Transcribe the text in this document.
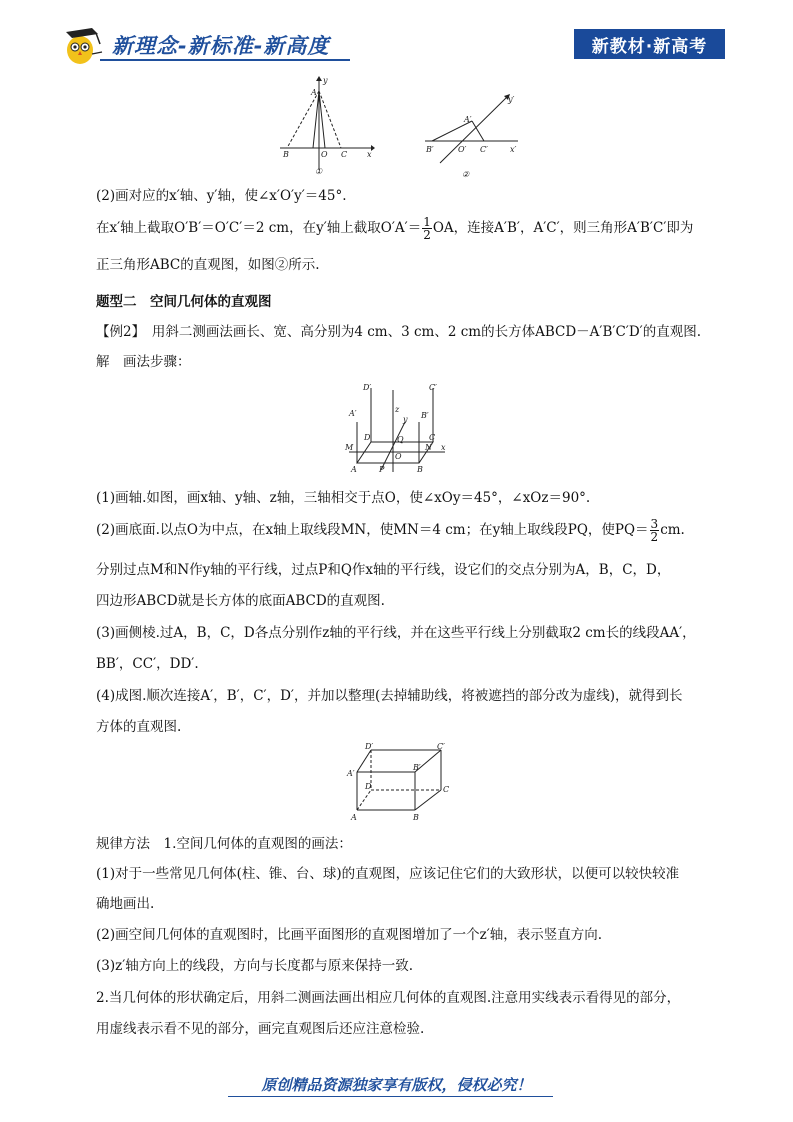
新理念-新标准-新高度	新教材·新高考
A
y
B	O C x
①
A′
y′
B′	O′ C′	x′
②
(2)画对应的x′轴、y′轴，使∠x′O′y′＝45°.
在x′轴上截取O′B′＝O′C′＝2 cm，在y′轴上截取$O'A'= \frac{1}{2}$ OA，连接A′B′，A′C′，则三角形A′B′C′即为
正三角形ABC的直观图，如图②所示.
题型二　空间几何体的直观图
【例2】　用斜二测画法画长、宽、高分别为4 cm、3 cm、2 cm的长方体ABCD－A′B′C′D′的直观图.
解　画法步骤：
D′	C′
A′	B′
z
y
D	C
M	N
Q
O
A	P	B
x
(1)画轴.如图，画x轴、y轴、z轴，三轴相交于点O，使∠xOy＝45°，∠xOz＝90°.
(2)画底面.以点O为中点，在x轴上取线段MN，使MN＝4 cm；在y轴上取线段PQ，使$PQ= \frac{3}{2}$ cm.
分别过点M和N作y轴的平行线，过点P和Q作x轴的平行线，设它们的交点分别为A，B，C，D，
四边形ABCD就是长方体的底面ABCD的直观图.
(3)画侧棱.过A，B，C，D各点分别作z轴的平行线，并在这些平行线上分别截取2 cm长的线段AA′，
BB′，CC′，DD′.
(4)成图.顺次连接A′，B′，C′，D′，并加以整理(去掉辅助线，将被遮挡的部分改为虚线)，就得到长
方体的直观图.
D′	C′
A′
B′
D	C
A	B
规律方法　1.空间几何体的直观图的画法：
(1)对于一些常见几何体(柱、锥、台、球)的直观图，应该记住它们的大致形状，以便可以较快较准
确地画出.
(2)画空间几何体的直观图时，比画平面图形的直观图增加了一个z′轴，表示竖直方向.
(3)z′轴方向上的线段，方向与长度都与原来保持一致.
2.当几何体的形状确定后，用斜二测画法画出相应几何体的直观图.注意用实线表示看得见的部分，
用虚线表示看不见的部分，画完直观图后还应注意检验.
原创精品资源独家享有版权，侵权必究！
